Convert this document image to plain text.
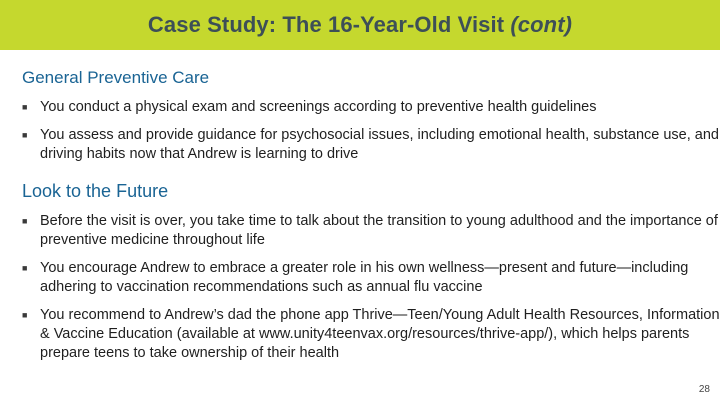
Case Study: The 16-Year-Old Visit (cont)
General Preventive Care
■ You conduct a physical exam and screenings according to preventive health guidelines
■ You assess and provide guidance for psychosocial issues, including emotional health, substance use, and driving habits now that Andrew is learning to drive
Look to the Future
■ Before the visit is over, you take time to talk about the transition to young adulthood and the importance of preventive medicine throughout life
■ You encourage Andrew to embrace a greater role in his own wellness—present and future—including adhering to vaccination recommendations such as annual flu vaccine
■ You recommend to Andrew’s dad the phone app Thrive—Teen/Young Adult Health Resources, Information & Vaccine Education (available at www.unity4teenvax.org/resources/thrive-app/), which helps parents prepare teens to take ownership of their health
28
